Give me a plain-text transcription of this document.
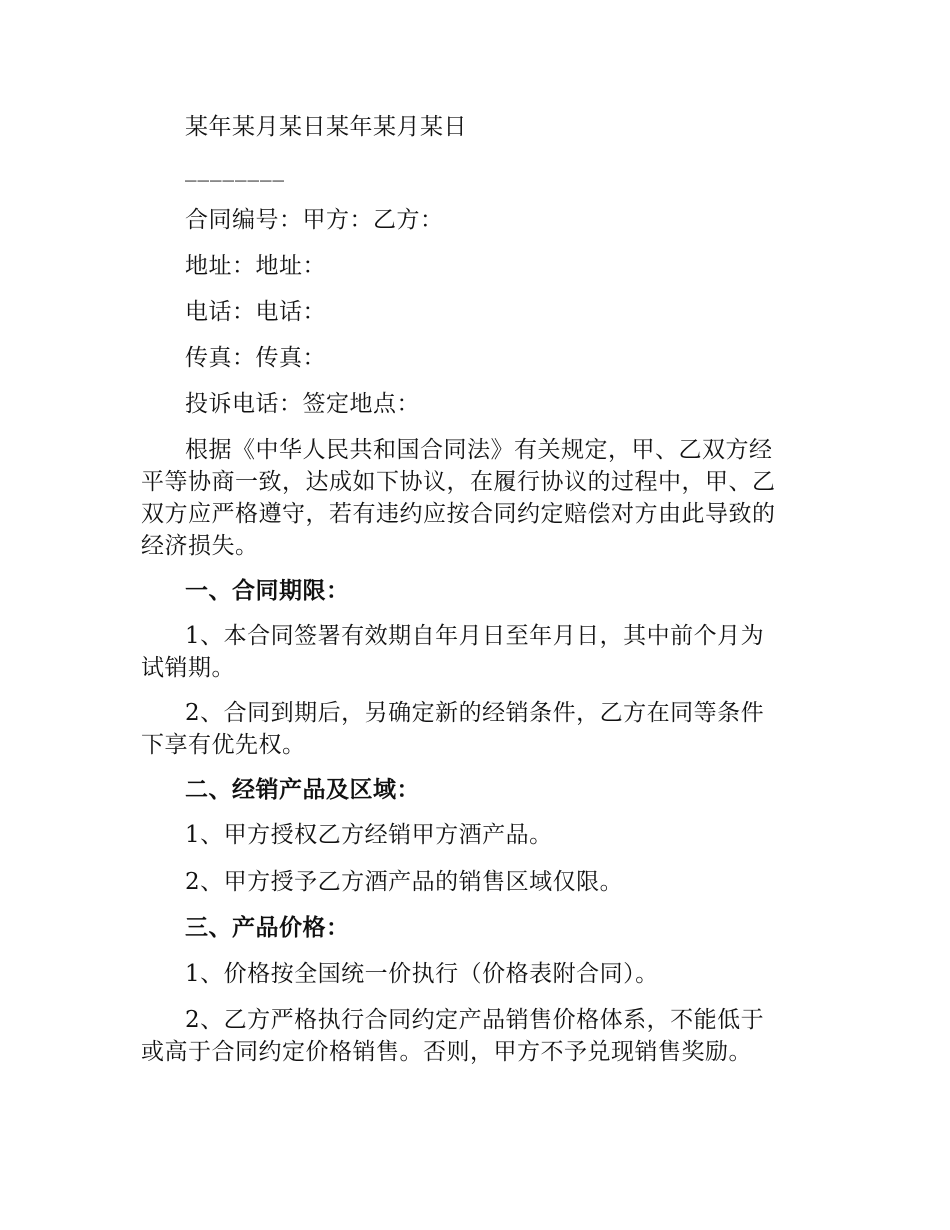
某年某月某日某年某月某日
________
合同编号：甲方：乙方：
地址：地址：
电话：电话：
传真：传真：
投诉电话：签定地点：
根据《中华人民共和国合同法》有关规定，甲、乙双方经
平等协商一致，达成如下协议，在履行协议的过程中，甲、乙
双方应严格遵守，若有违约应按合同约定赔偿对方由此导致的
经济损失。
一、合同期限：
1、本合同签署有效期自年月日至年月日，其中前个月为
试销期。
2、合同到期后，另确定新的经销条件，乙方在同等条件
下享有优先权。
二、经销产品及区域：
1、甲方授权乙方经销甲方酒产品。
2、甲方授予乙方酒产品的销售区域仅限。
三、产品价格：
1、价格按全国统一价执行（价格表附合同）。
2、乙方严格执行合同约定产品销售价格体系，不能低于
或高于合同约定价格销售。否则，甲方不予兑现销售奖励。
